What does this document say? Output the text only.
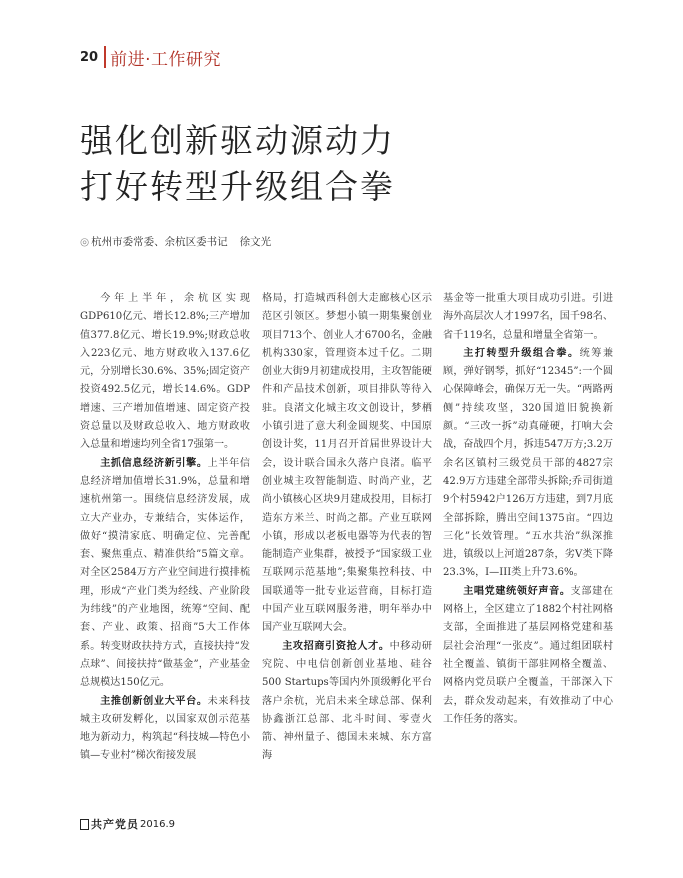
20 前进·工作研究
强化创新驱动源动力
打好转型升级组合拳
◎ 杭州市委常委、余杭区委书记 徐文光

今年上半年，余杭区实现GDP610亿元、增长12.8%;三产增加值377.8亿元、增长19.9%;财政总收入223亿元、地方财政收入137.6亿元，分别增长30.6%、35%;固定资产投资492.5亿元，增长14.6%。GDP增速、三产增加值增速、固定资产投资总量以及财政总收入、地方财政收入总量和增速均列全省17强第一。

主抓信息经济新引擎。上半年信息经济增加值增长31.9%，总量和增速杭州第一。围绕信息经济发展，成立大产业办，专兼结合，实体运作，做好“摸清家底、明确定位、完善配套、聚焦重点、精准供给”5篇文章。对全区2584万方产业空间进行摸排梳理，形成“产业门类为经线、产业阶段为纬线”的产业地图，统筹“空间、配套、产业、政策、招商”5大工作体系。转变财政扶持方式，直接扶持“发点球”、间接扶持“做基金”，产业基金总规模达150亿元。

主推创新创业大平台。未来科技城主攻研发孵化，以国家双创示范基地为新动力，构筑起“科技城—特色小镇—专业村”梯次衔接发展

格局，打造城西科创大走廊核心区示范区引领区。梦想小镇一期集聚创业项目713个、创业人才6700名，金融机构330家，管理资本过千亿。二期创业大街9月初建成投用，主攻智能硬件和产品技术创新，项目排队等待入驻。良渚文化城主攻文创设计，梦栖小镇引进了意大利金圆规奖、中国原创设计奖，11月召开首届世界设计大会，设计联合国永久落户良渚。临平创业城主攻智能制造、时尚产业，艺尚小镇核心区块9月建成投用，目标打造东方米兰、时尚之都。产业互联网小镇，形成以老板电器等为代表的智能制造产业集群，被授予“国家级工业互联网示范基地”;集聚集控科技、中国联通等一批专业运营商，目标打造中国产业互联网服务港，明年举办中国产业互联网大会。

主攻招商引资抢人才。中移动研究院、中电信创新创业基地、硅谷500 Startups等国内外顶级孵化平台落户余杭，光启未来全球总部、保利协鑫浙江总部、北斗时间、零壹火箭、神州量子、德国未来城、东方富海

基金等一批重大项目成功引进。引进海外高层次人才1997名，国千98名、省千119名，总量和增量全省第一。

主打转型升级组合拳。统筹兼顾，弹好钢琴，抓好“12345”:一个圆心保障峰会，确保万无一失。“两路两侧”持续攻坚，320国道旧貌换新颜。“三改一拆”动真碰硬，打响大会战，奋战四个月，拆违547万方;3.2万余名区镇村三级党员干部的4827宗42.9万方违建全部带头拆除;乔司街道9个村5942户126万方违建，到7月底全部拆除，腾出空间1375亩。“四边三化”长效管理。“五水共治”纵深推进，镇级以上河道287条，劣Ⅴ类下降23.3%，I—III类上升73.6%。

主唱党建统领好声音。支部建在网格上，全区建立了1882个村社网格支部，全面推进了基层网格党建和基层社会治理“一张皮”。通过组团联村社全覆盖、镇街干部驻网格全覆盖、网格内党员联户全覆盖，干部深入下去，群众发动起来，有效推动了中心工作任务的落实。

共产党员 2016.9
